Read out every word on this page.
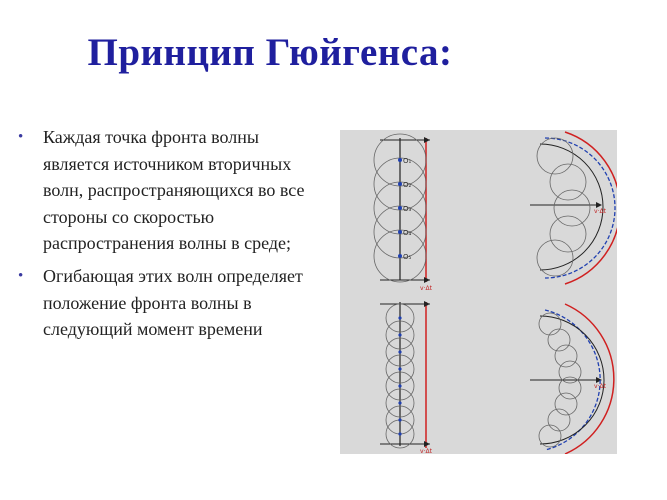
Принцип Гюйгенса:
• Каждая точка фронта волны является источником вторичных волн, распространяющихся во все стороны со скоростью распространения волны в среде;
• Огибающая этих волн определяет положение фронта волны в следующий момент времени
O₁
O₂
O₃
O₄
O₅
v·Δt
v·Δt
v·Δt
v·Δt
